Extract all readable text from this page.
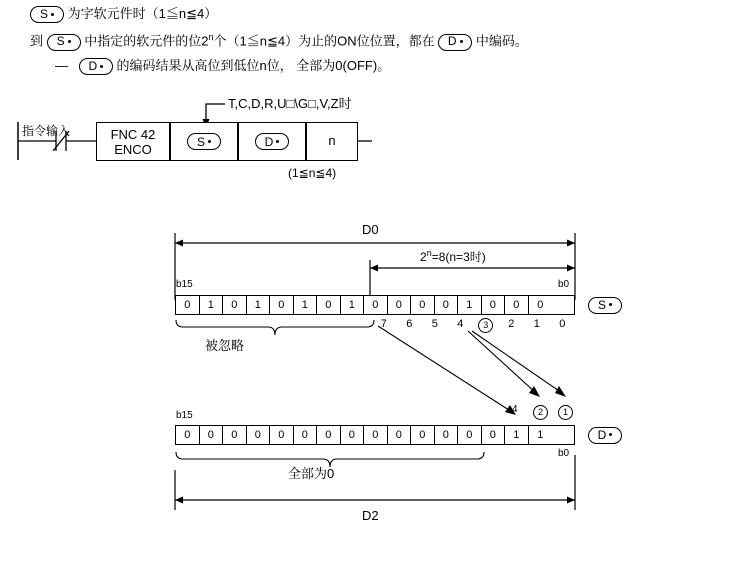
S 为字软元件时（1≦n≦4）
到 S 中指定的软元件的位2$^n$个（1≦n≦4）为止的ON位位置，都在 D 中编码。
— D 的编码结果从高位到低位n位， 全部为0(OFF)。
T,C,D,R,U□\G□,V,Z时
指令输入	FNC 42
ENCO	S	D	n
(1≦n≦4)
D0
$2^n=8(n=3$时)
b15	b0
0	1	0	1	0	1	0	1	0	0	0	0	1	0	0	0	S
7	6	5	4	3	2	1	0
被忽略
b15
4	2	1
0	0	0	0	0	0	0	0	0	0	0	0	0	0	1	1	D
b0
全部为0
D2
